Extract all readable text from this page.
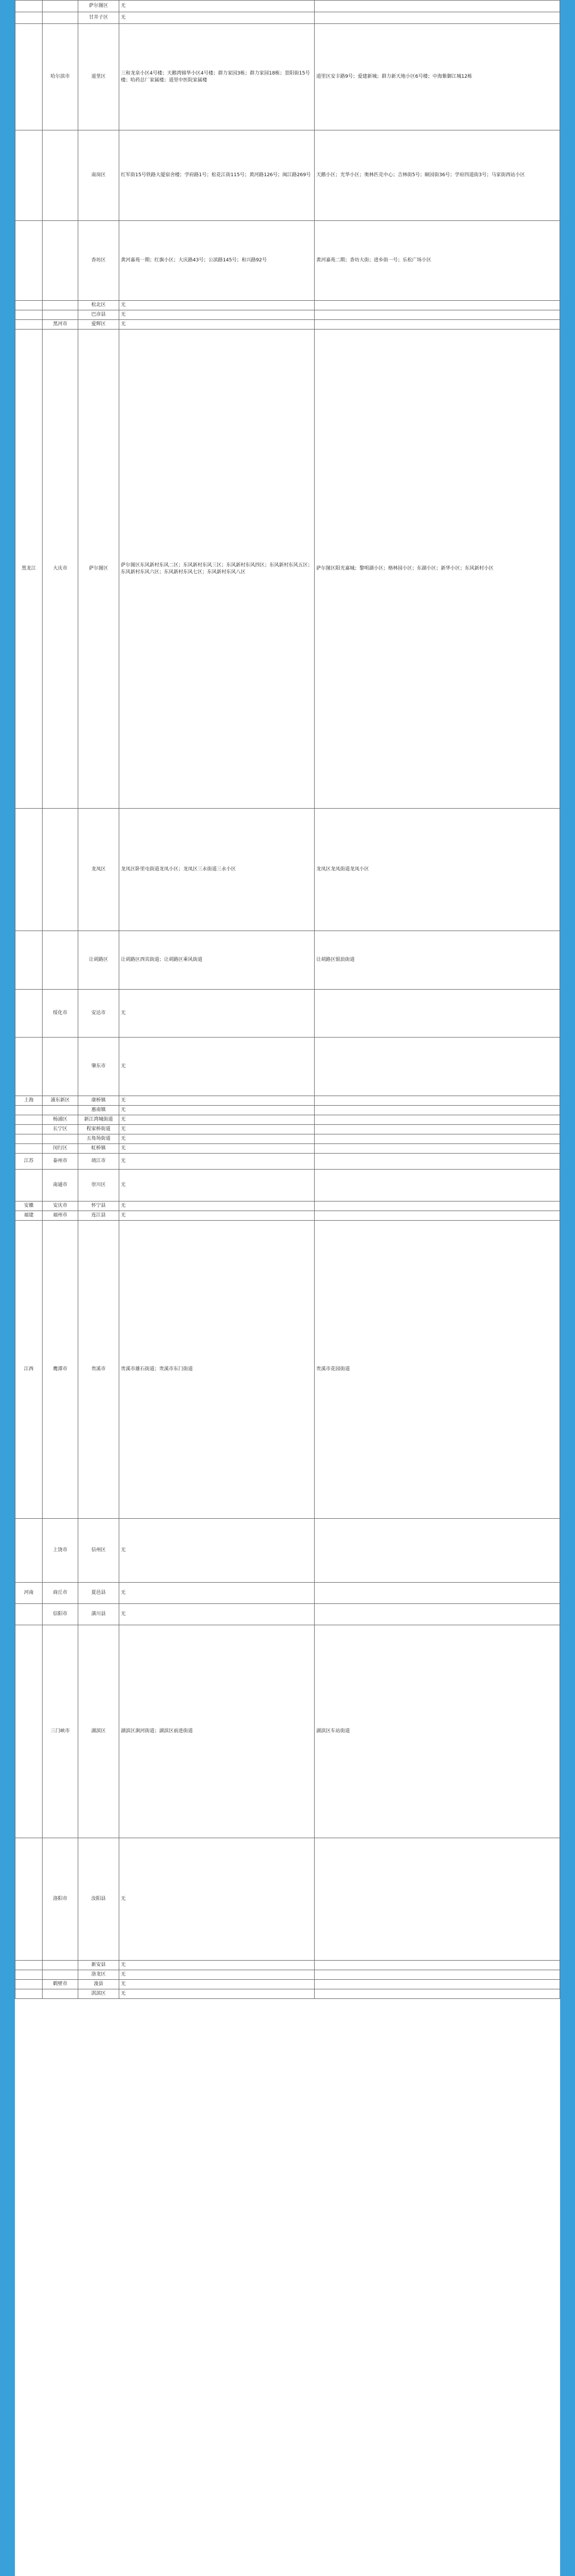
		萨尔图区	无	
		甘井子区	无	
	哈尔滨市	道里区	三和龙泉小区4号楼；天鹅湾锦华小区4号楼；群力家园3栋；群力家园18栋；景阳街15号楼；哈药总厂家属楼；道里中医院家属楼	道里区安丰路9号；爱建新城；群力新天地小区6号楼；中海紫御江城12栋
		南岗区	红军街15号铁路大厦宿舍楼；学府路1号；松花江街115号；黄河路126号；闽江路269号	天鹅小区；光华小区；奥林匹克中心；吉林街5号；颐园街36号；学府四道街3号；马家街西站小区
		香坊区	黄河嘉苑一期；红旗小区；大庆路43号；公滨路145号；和兴路92号	黄河嘉苑二期；香坊大街；进乡街一号；乐松广场小区
		松北区	无	
		巴彦县	无	
	黑河市	爱辉区	无	
黑龙江	大庆市	萨尔图区	萨尔图区东风新村东风二区；东风新村东风三区；东风新村东风四区；东风新村东风五区；东风新村东风六区；东风新村东风七区；东风新村东风八区	萨尔图区阳光嘉城；黎明湖小区；格林园小区；东湖小区；新华小区；东风新村小区
		龙凤区	龙凤区卧里屯街道龙凤小区；龙凤区三永街道三永小区	龙凤区龙凤街道龙凤小区
		让胡路区	让胡路区西宾街道；让胡路区乘风街道	让胡路区银浪街道
	绥化市	安达市	无	
		肇东市	无	
上海	浦东新区	康桥镇	无	
		惠南镇	无	
	杨浦区	新江湾城街道	无	
	长宁区	程家桥街道	无	
		五角场街道	无	
	闵行区	虹桥镇	无	
江苏	泰州市	靖江市	无	
	南通市	崇川区	无	
安徽	安庆市	怀宁县	无	
福建	福州市	连江县	无	
江西	鹰潭市	贵溪市	贵溪市雄石街道；贵溪市东门街道	贵溪市花园街道
	上饶市	信州区	无	
河南	商丘市	夏邑县	无	
	信阳市	潢川县	无	
	三门峡市	湖滨区	湖滨区涧河街道；湖滨区前进街道	湖滨区车站街道
	洛阳市	汝阳县	无	
		新安县	无	
		洛龙区	无	
	鹤壁市	浚县	无	
		淇滨区	无	
